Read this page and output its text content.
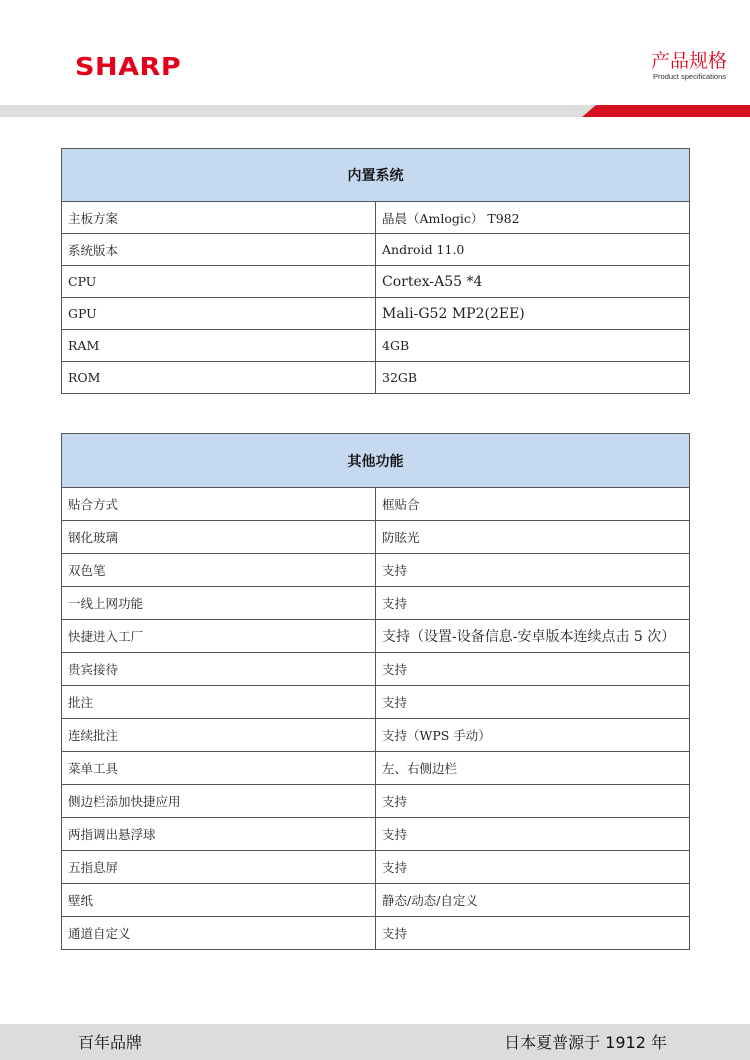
SHARP	产品规格
Product specifications
内置系统	
主板方案	晶晨（Amlogic） T982
系统版本	Android 11.0
CPU	Cortex-A55 *4
GPU	Mali-G52 MP2(2EE)
RAM	4GB
ROM	32GB
其他功能	
贴合方式	框贴合
钢化玻璃	防眩光
双色笔	支持
一线上网功能	支持
快捷进入工厂	支持（设置-设备信息-安卓版本连续点击 5 次）
贵宾接待	支持
批注	支持
连续批注	支持（WPS 手动）
菜单工具	左、右侧边栏
侧边栏添加快捷应用	支持
两指调出悬浮球	支持
五指息屏	支持
壁纸	静态/动态/自定义
通道自定义	支持
百年品牌	日本夏普源于 1912 年
